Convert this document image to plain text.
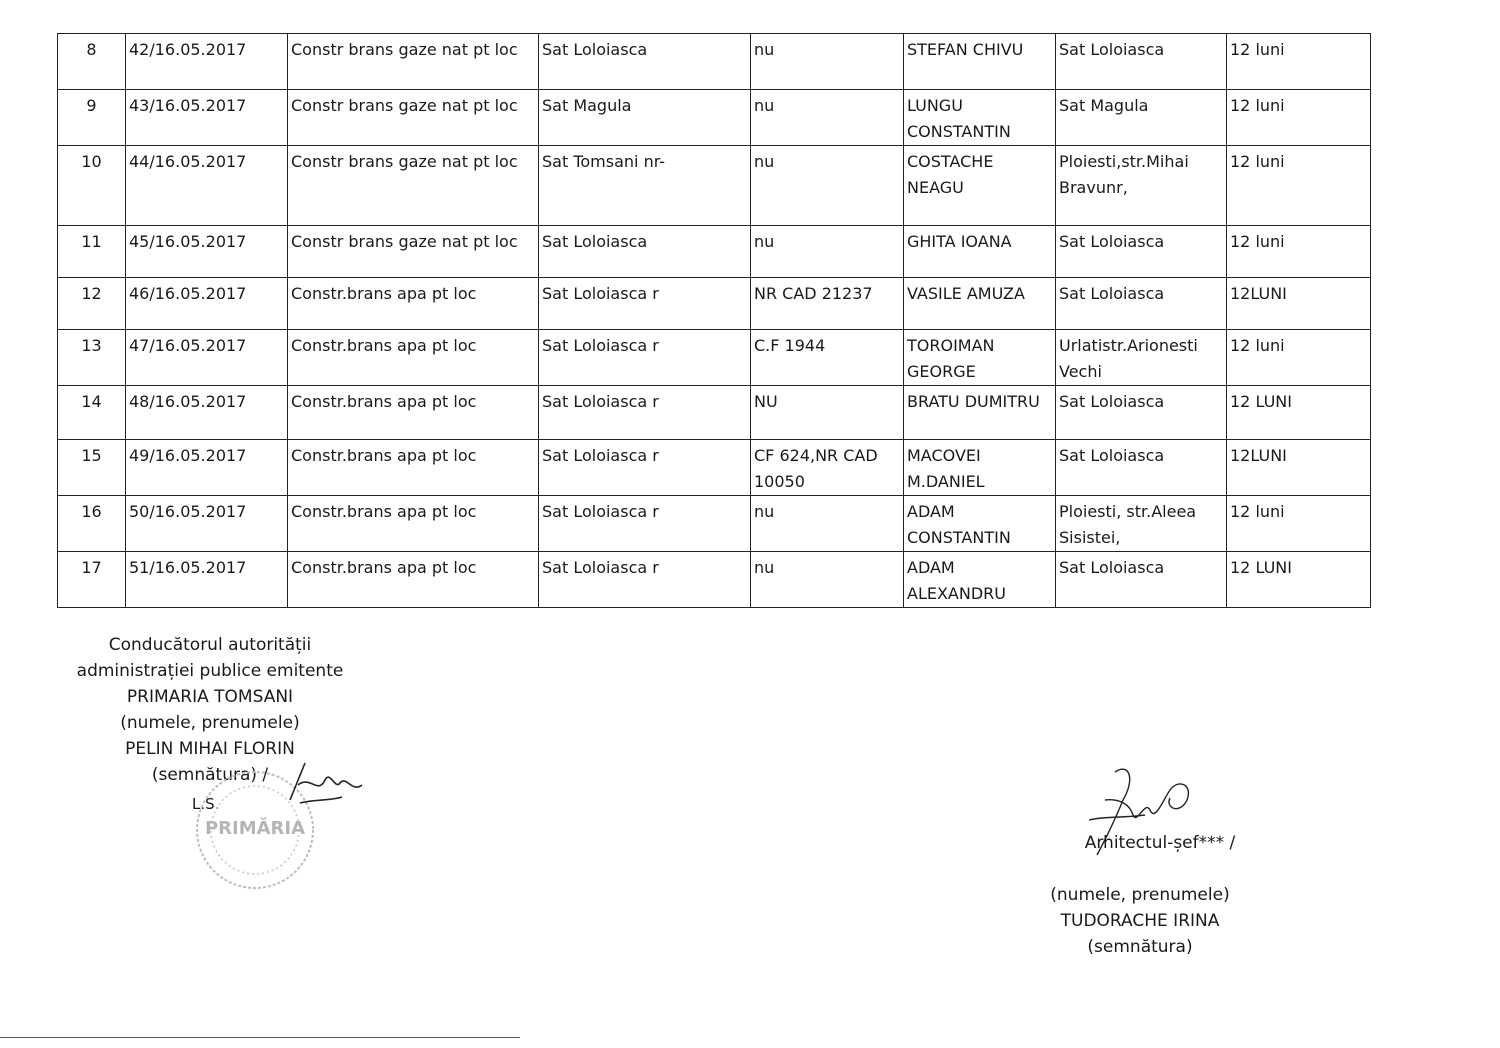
8	42/16.05.2017	Constr brans gaze nat pt loc	Sat Loloiasca	nu	STEFAN CHIVU	Sat Loloiasca	12 luni
9	43/16.05.2017	Constr brans gaze nat pt loc	Sat Magula	nu	LUNGU CONSTANTIN	Sat Magula	12 luni
10	44/16.05.2017	Constr brans gaze nat pt loc	Sat Tomsani nr-	nu	COSTACHE NEAGU	Ploiesti,str.Mihai Bravunr,	12 luni
11	45/16.05.2017	Constr brans gaze nat pt loc	Sat Loloiasca	nu	GHITA IOANA	Sat Loloiasca	12 luni
12	46/16.05.2017	Constr.brans apa pt loc	Sat Loloiasca r	NR CAD 21237	VASILE AMUZA	Sat Loloiasca	12LUNI
13	47/16.05.2017	Constr.brans apa pt loc	Sat Loloiasca r	C.F 1944	TOROIMAN GEORGE	Urlatistr.Arionesti Vechi	12 luni
14	48/16.05.2017	Constr.brans apa pt loc	Sat Loloiasca r	NU	BRATU DUMITRU	Sat Loloiasca	12 LUNI
15	49/16.05.2017	Constr.brans apa pt loc	Sat Loloiasca r	CF 624,NR CAD 10050	MACOVEI M.DANIEL	Sat Loloiasca	12LUNI
16	50/16.05.2017	Constr.brans apa pt loc	Sat Loloiasca r	nu	ADAM CONSTANTIN	Ploiesti, str.Aleea Sisistei,	12 luni
17	51/16.05.2017	Constr.brans apa pt loc	Sat Loloiasca r	nu	ADAM ALEXANDRU	Sat Loloiasca	12 LUNI
Conducătorul autorității
administrației publice emitente
PRIMARIA TOMSANI
(numele, prenumele)
PELIN MIHAI FLORIN
(semnătura) /
L.S.
PRIMĂRIA
Arhitectul-șef*** /
(numele, prenumele)
TUDORACHE IRINA
(semnătura)
